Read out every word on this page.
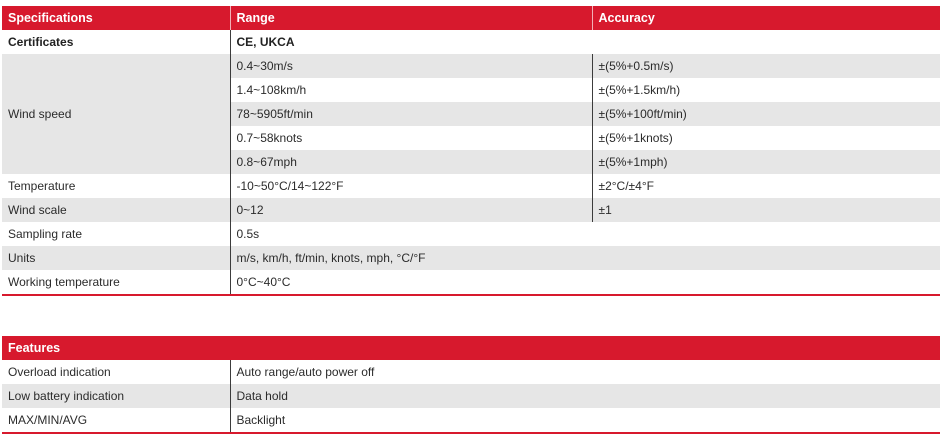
Specifications	Range	Accuracy
Certificates	CE, UKCA	
Wind speed	0.4~30m/s	±(5%+0.5m/s)
	1.4~108km/h	±(5%+1.5km/h)
	78~5905ft/min	±(5%+100ft/min)
	0.7~58knots	±(5%+1knots)
	0.8~67mph	±(5%+1mph)
Temperature	-10~50°C/14~122°F	±2°C/±4°F
Wind scale	0~12	±1
Sampling rate	0.5s	
Units	m/s, km/h, ft/min, knots, mph, °C/°F	
Working temperature	0°C~40°C	
Features	
Overload indication	Auto range/auto power off
Low battery indication	Data hold
MAX/MIN/AVG	Backlight
